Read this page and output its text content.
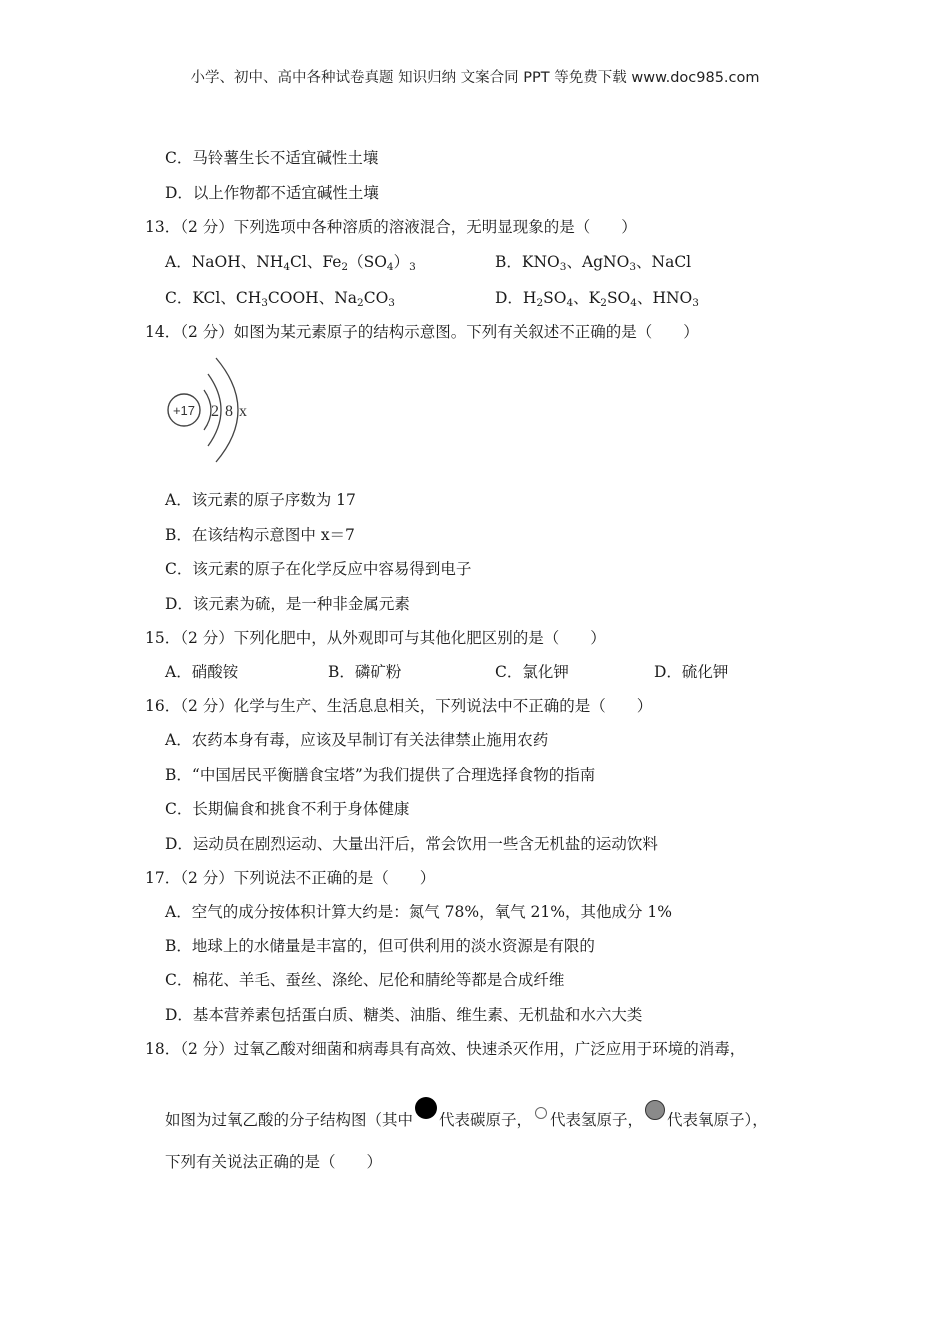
小学、初中、高中各种试卷真题 知识归纳 文案合同 PPT 等免费下载 www.doc985.com
C．马铃薯生长不适宜碱性土壤
D．以上作物都不适宜碱性土壤
13．（2 分）下列选项中各种溶质的溶液混合，无明显现象的是（　　）
A．NaOH、$NH_4Cl$、$Fe_2(SO_4)_3$	B．$KNO_3$、AgNO$_3$、NaCl
C．KCl、$CH_3COOH$、$Na_2CO_3$	D．$H_2SO_4$、$K_2SO_4$、$HNO_3$
14．（2 分）如图为某元素原子的结构示意图。下列有关叙述不正确的是（　　）
+17 2 8 x
A．该元素的原子序数为 17
B．在该结构示意图中 x＝7
C．该元素的原子在化学反应中容易得到电子
D．该元素为硫，是一种非金属元素
15．（2 分）下列化肥中，从外观即可与其他化肥区别的是（　　）
A．硝酸铵	B．磷矿粉	C．氯化钾	D．硫化钾
16．（2 分）化学与生产、生活息息相关，下列说法中不正确的是（　　）
A．农药本身有毒，应该及早制订有关法律禁止施用农药
B．“中国居民平衡膳食宝塔”为我们提供了合理选择食物的指南
C．长期偏食和挑食不利于身体健康
D．运动员在剧烈运动、大量出汗后，常会饮用一些含无机盐的运动饮料
17．（2 分）下列说法不正确的是（　　）
A．空气的成分按体积计算大约是：氮气 78%，氧气 21%，其他成分 1%
B．地球上的水储量是丰富的，但可供利用的淡水资源是有限的
C．棉花、羊毛、蚕丝、涤纶、尼伦和腈纶等都是合成纤维
D．基本营养素包括蛋白质、糖类、油脂、维生素、无机盐和水六大类
18．（2 分）过氧乙酸对细菌和病毒具有高效、快速杀灭作用，广泛应用于环境的消毒，
如图为过氧乙酸的分子结构图（其中 代表碳原子， 代表氢原子， 代表氧原子），
下列有关说法正确的是（　　）
